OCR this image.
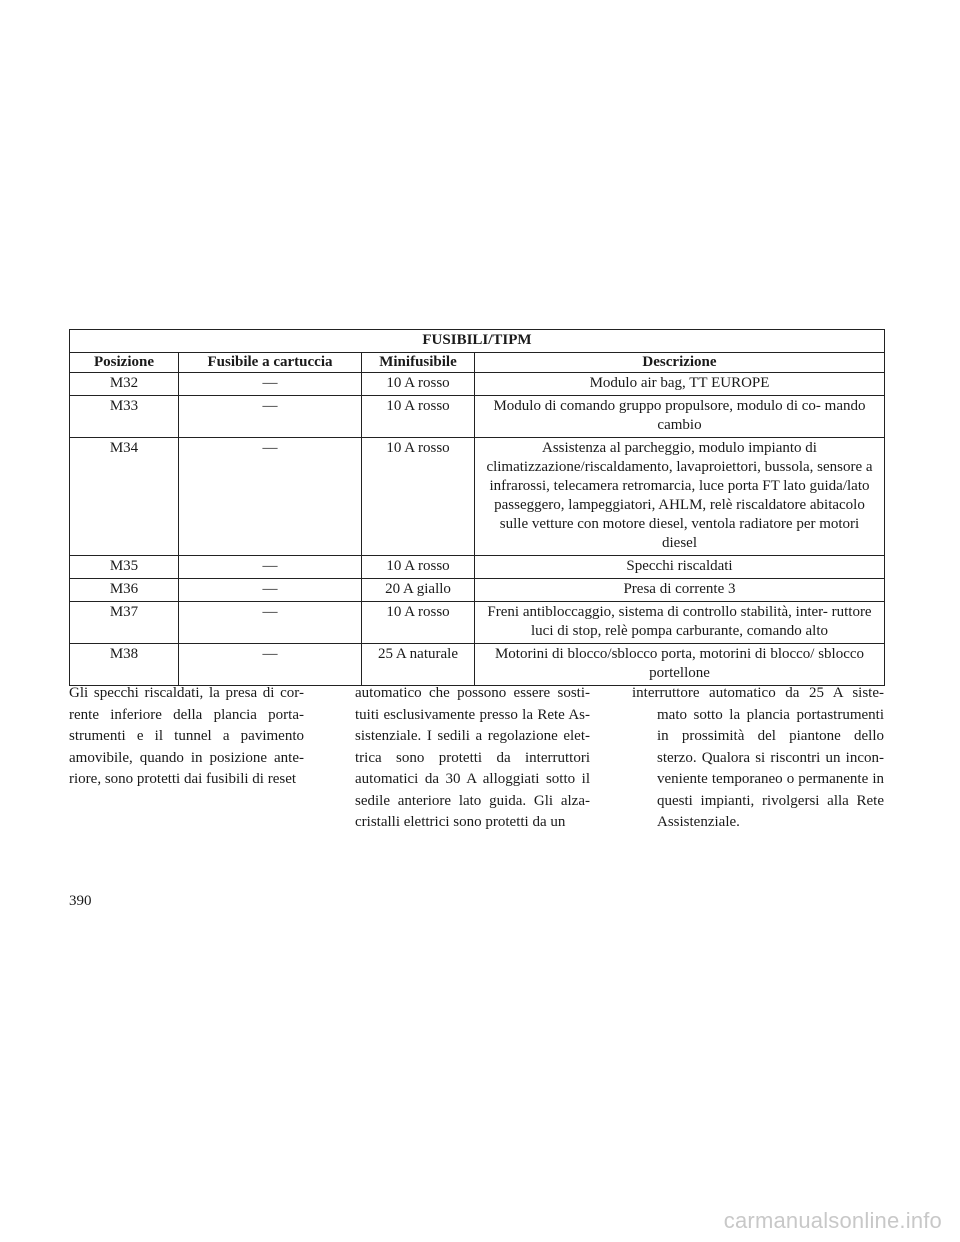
FUSIBILI/TIPM			
Posizione	Fusibile a cartuccia	Minifusibile	Descrizione
M32	—	10 A rosso	Modulo air bag, TT EUROPE
M33	—	10 A rosso	Modulo di comando gruppo propulsore, modulo di co- mando cambio
M34	—	10 A rosso	Assistenza al parcheggio, modulo impianto di climatizzazione/riscaldamento, lavaproiettori, bussola, sensore a infrarossi, telecamera retromarcia, luce porta FT lato guida/lato passeggero, lampeggiatori, AHLM, relè riscaldatore abitacolo sulle vetture con motore diesel, ventola radiatore per motori diesel
M35	—	10 A rosso	Specchi riscaldati
M36	—	20 A giallo	Presa di corrente 3
M37	—	10 A rosso	Freni antibloccaggio, sistema di controllo stabilità, inter- ruttore luci di stop, relè pompa carburante, comando alto
M38	—	25 A naturale	Motorini di blocco/sblocco porta, motorini di blocco/ sblocco portellone

Gli specchi riscaldati, la presa di cor- rente inferiore della plancia porta- strumenti e il tunnel a pavimento amovibile, quando in posizione ante- riore, sono protetti dai fusibili di reset

automatico che possono essere sosti- tuiti esclusivamente presso la Rete As- sistenziale. I sedili a regolazione elet- trica sono protetti da interruttori automatici da 30 A alloggiati sotto il sedile anteriore lato guida. Gli alza- cristalli elettrici sono protetti da un

interruttore automatico da 25 A siste- mato sotto la plancia portastrumenti in prossimità del piantone dello sterzo. Qualora si riscontri un incon- veniente temporaneo o permanente in questi impianti, rivolgersi alla Rete Assistenziale.

390
carmanualsonline.info
